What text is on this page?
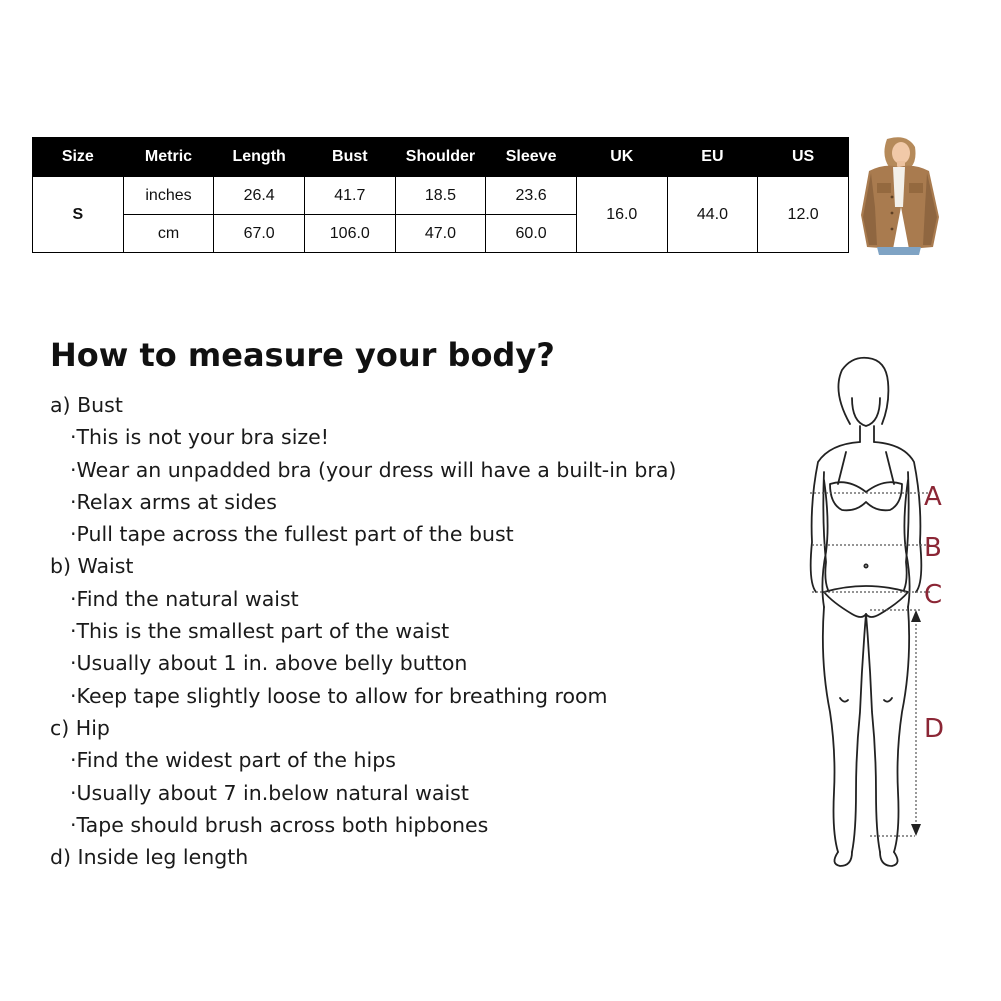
Size	Metric	Length	Bust	Shoulder	Sleeve	UK	EU	US
S	inches	26.4	41.7	18.5	23.6	16.0	44.0	12.0
	cm	67.0	106.0	47.0	60.0			
How to measure your body?
a) Bust
·This is not your bra size!
·Wear an unpadded bra (your dress will have a built-in bra)
·Relax arms at sides
·Pull tape across the fullest part of the bust
b) Waist
·Find the natural waist
·This is the smallest part of the waist
·Usually about 1 in. above belly button
·Keep tape slightly loose to allow for breathing room
c) Hip
·Find the widest part of the hips
·Usually about 7 in.below natural waist
·Tape should brush across both hipbones
d) Inside leg length
A
B
C
D
